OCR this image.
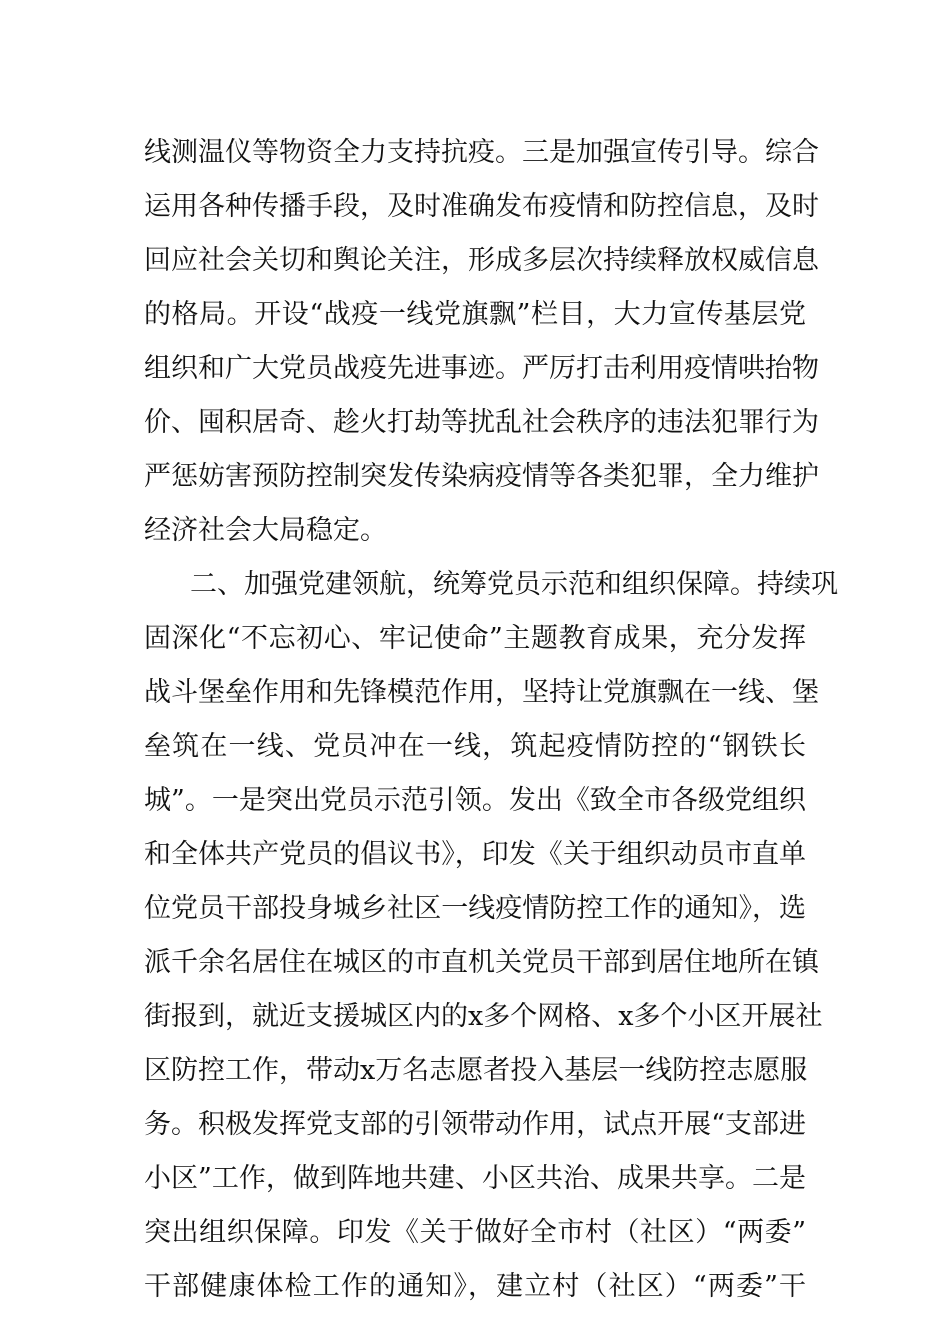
线测温仪等物资全力支持抗疫。三是加强宣传引导。综合
运用各种传播手段，及时准确发布疫情和防控信息，及时
回应社会关切和舆论关注，形成多层次持续释放权威信息
的格局。开设“战疫一线党旗飘”栏目，大力宣传基层党
组织和广大党员战疫先进事迹。严厉打击利用疫情哄抬物
价、囤积居奇、趁火打劫等扰乱社会秩序的违法犯罪行为
严惩妨害预防控制突发传染病疫情等各类犯罪，全力维护
经济社会大局稳定。
二、加强党建领航，统筹党员示范和组织保障。持续巩
固深化“不忘初心、牢记使命”主题教育成果，充分发挥
战斗堡垒作用和先锋模范作用，坚持让党旗飘在一线、堡
垒筑在一线、党员冲在一线，筑起疫情防控的“钢铁长
城”。一是突出党员示范引领。发出《致全市各级党组织
和全体共产党员的倡议书》，印发《关于组织动员市直单
位党员干部投身城乡社区一线疫情防控工作的通知》，选
派千余名居住在城区的市直机关党员干部到居住地所在镇
街报到，就近支援城区内的x多个网格、x多个小区开展社
区防控工作，带动x万名志愿者投入基层一线防控志愿服
务。积极发挥党支部的引领带动作用，试点开展“支部进
小区”工作，做到阵地共建、小区共治、成果共享。二是
突出组织保障。印发《关于做好全市村（社区）“两委”
干部健康体检工作的通知》，建立村（社区）“两委”干
